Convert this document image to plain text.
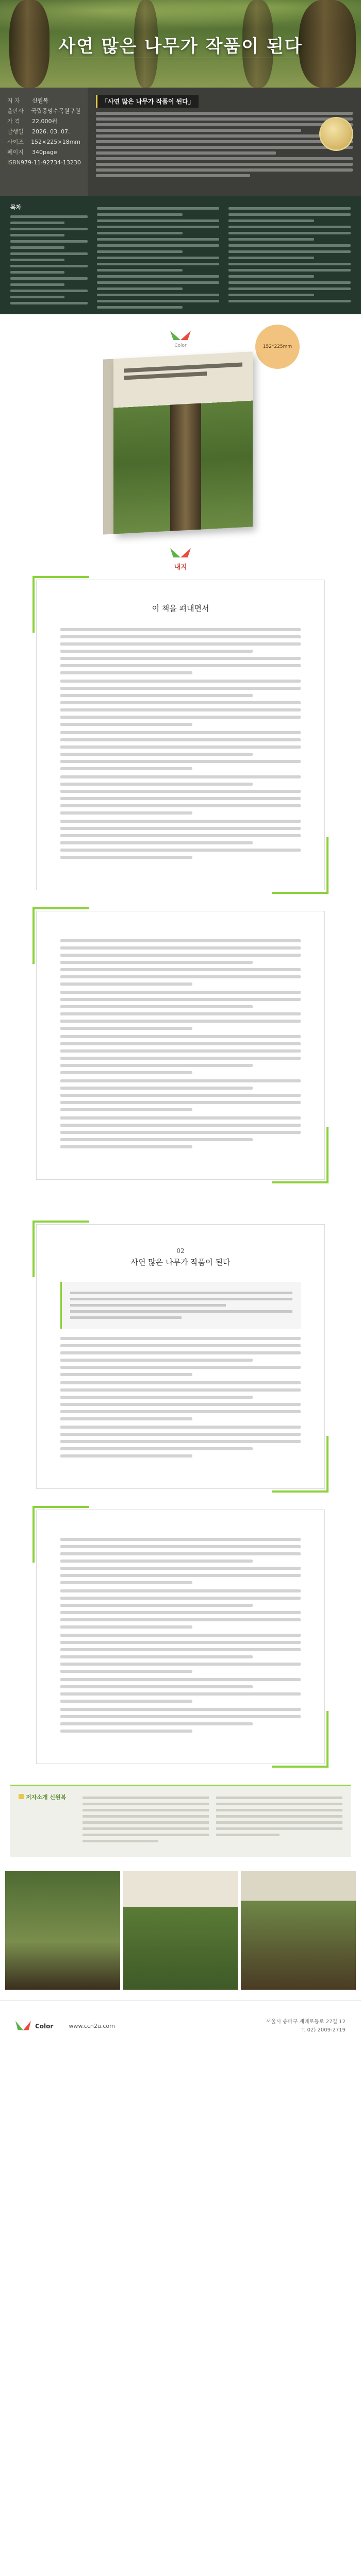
사연 많은 나무가 작품이 된다
저 자	신원복
출판사	국립중앙수목원구원
가 격	22,000원
발행일	2026. 03. 07.
사이즈	152×225×18mm
페이지	340page
ISBN 979-11-92734-13230
「사연 많은 나무가 작품이 된다」
목차
Color	152*225mm
내지
이 책을 펴내면서
02
사연 많은 나무가 작품이 된다
저자소개 신원복
Color	www.ccn2u.com
서울시 송파구 계례로등로 27길 12
T. 02) 2009-2719
